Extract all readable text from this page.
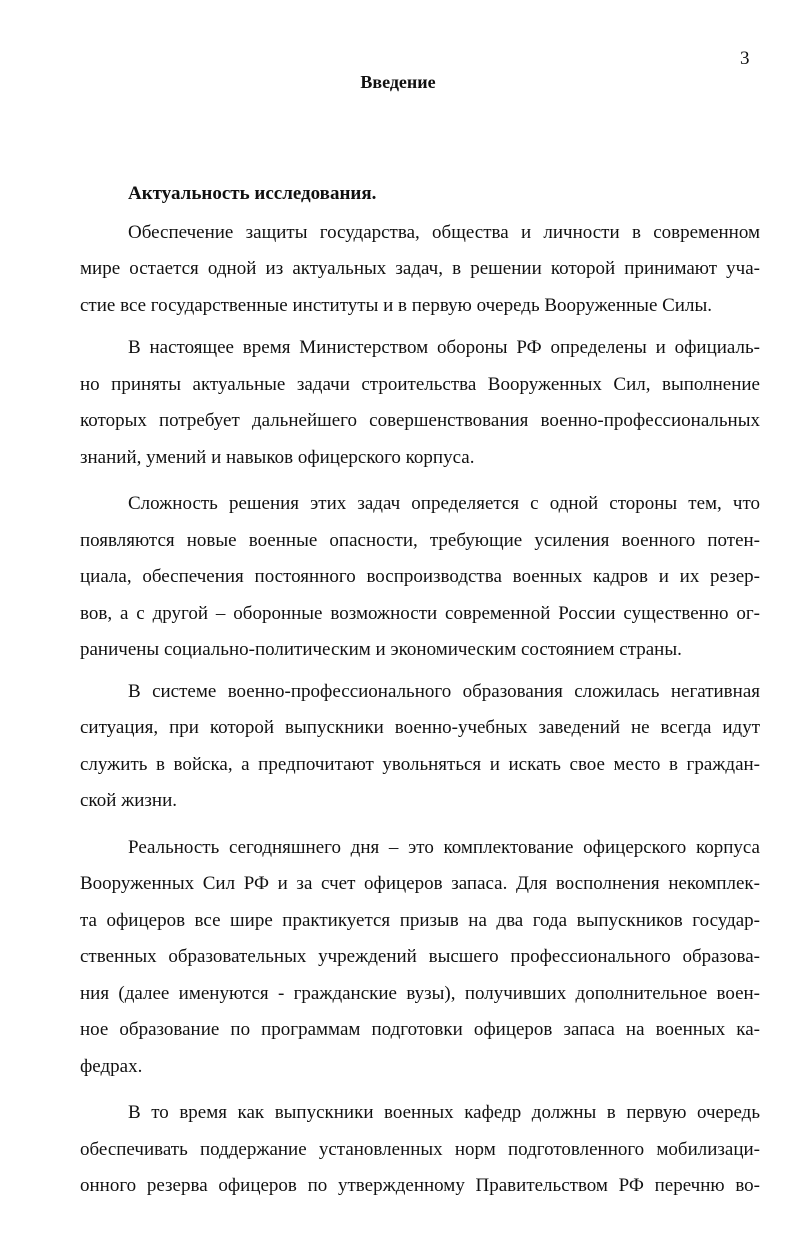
3
Введение

Актуальность исследования.

Обеспечение защиты государства, общества и личности в современном
мире остается одной из актуальных задач, в решении которой принимают уча-
стие все государственные институты и в первую очередь Вооруженные Силы.

В настоящее время Министерством обороны РФ определены и официаль-
но приняты актуальные задачи строительства Вооруженных Сил, выполнение
которых потребует дальнейшего совершенствования военно-профессиональных
знаний, умений и навыков офицерского корпуса.

Сложность решения этих задач определяется с одной стороны тем, что
появляются новые военные опасности, требующие усиления военного потен-
циала, обеспечения постоянного воспроизводства военных кадров и их резер-
вов, а с другой – оборонные возможности современной России существенно ог-
раничены социально-политическим и экономическим состоянием страны.

В системе военно-профессионального образования сложилась негативная
ситуация, при которой выпускники военно-учебных заведений не всегда идут
служить в войска, а предпочитают увольняться и искать свое место в граждан-
ской жизни.

Реальность сегодняшнего дня – это комплектование офицерского корпуса
Вооруженных Сил РФ и за счет офицеров запаса. Для восполнения некомплек-
та офицеров все шире практикуется призыв на два года выпускников государ-
ственных образовательных учреждений высшего профессионального образова-
ния (далее именуются - гражданские вузы), получивших дополнительное воен-
ное образование по программам подготовки офицеров запаса на военных ка-
федрах.

В то время как выпускники военных кафедр должны в первую очередь
обеспечивать поддержание установленных норм подготовленного мобилизаци-
онного резерва офицеров по утвержденному Правительством РФ перечню во-
